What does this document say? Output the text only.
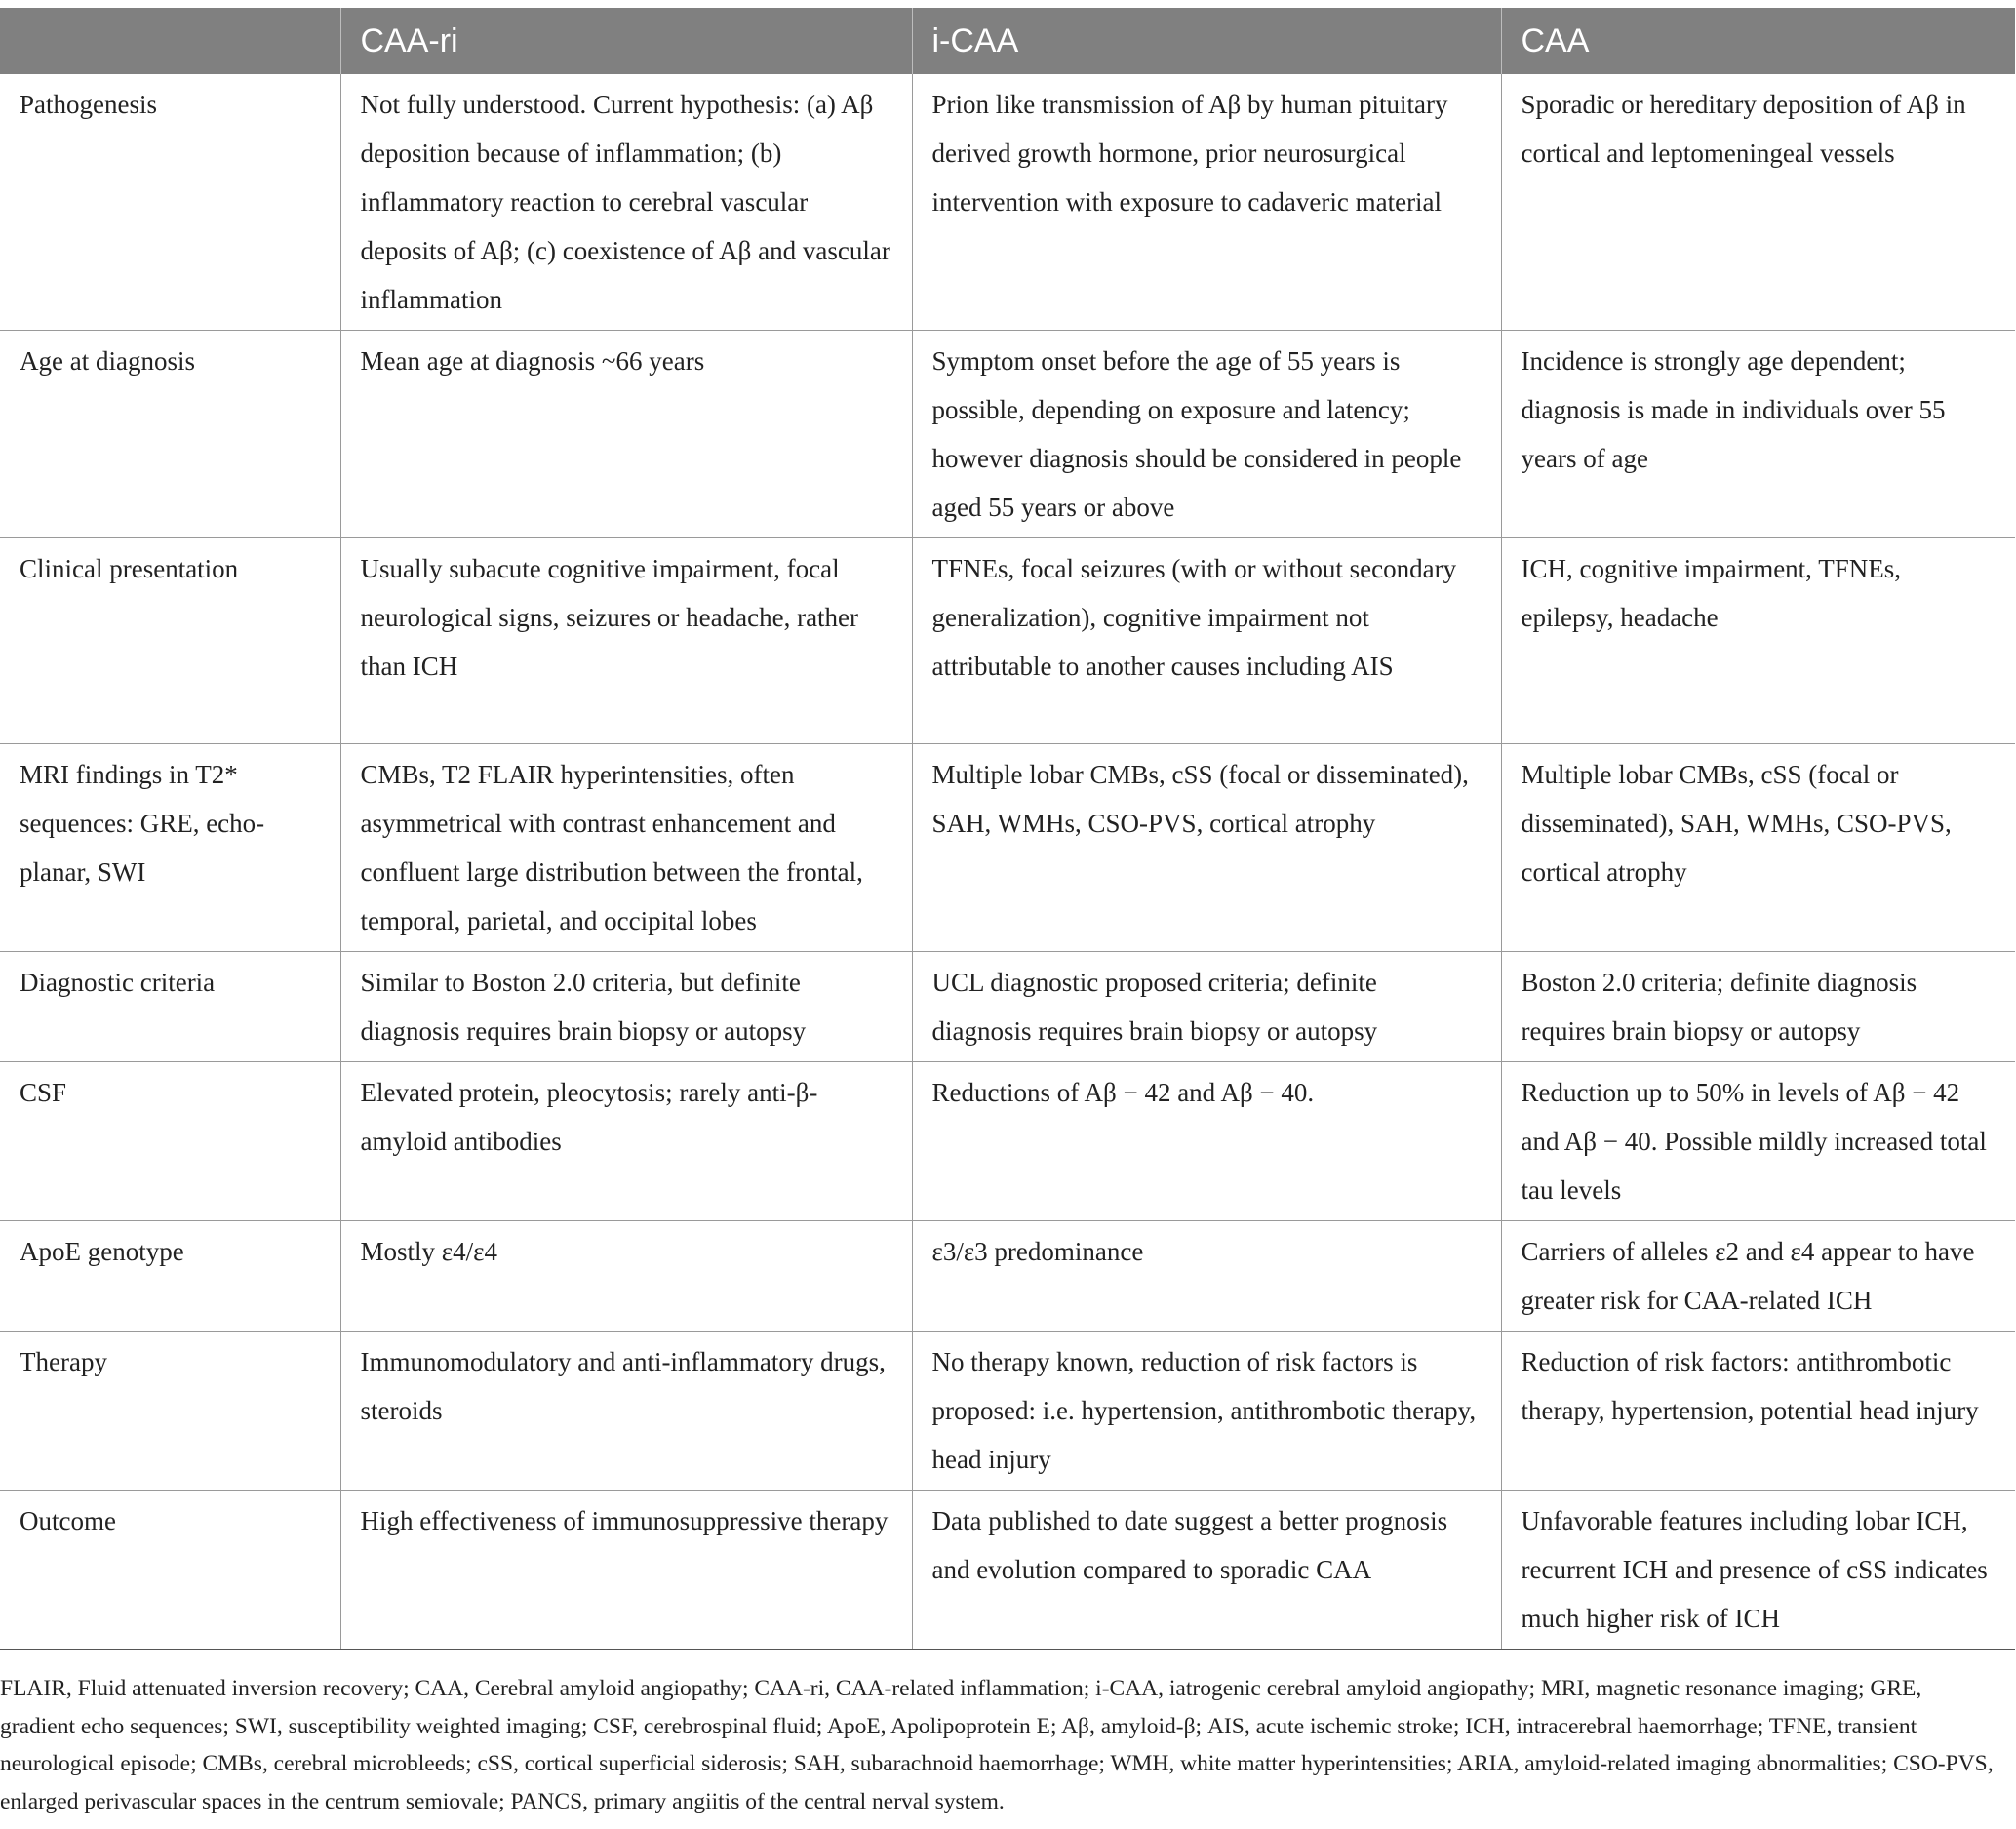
	CAA-ri	i-CAA	CAA
Pathogenesis	Not fully understood. Current hypothesis: (a) Aβ deposition because of inflammation; (b) inflammatory reaction to cerebral vascular deposits of Aβ; (c) coexistence of Aβ and vascular inflammation	Prion like transmission of Aβ by human pituitary derived growth hormone, prior neurosurgical intervention with exposure to cadaveric material	Sporadic or hereditary deposition of Aβ in cortical and leptomeningeal vessels
Age at diagnosis	Mean age at diagnosis ~66 years	Symptom onset before the age of 55 years is possible, depending on exposure and latency; however diagnosis should be considered in people aged 55 years or above	Incidence is strongly age dependent; diagnosis is made in individuals over 55 years of age
Clinical presentation	Usually subacute cognitive impairment, focal neurological signs, seizures or headache, rather than ICH	TFNEs, focal seizures (with or without secondary generalization), cognitive impairment not attributable to another causes including AIS	ICH, cognitive impairment, TFNEs, epilepsy, headache
MRI findings in T2* sequences: GRE, echo-planar, SWI	CMBs, T2 FLAIR hyperintensities, often asymmetrical with contrast enhancement and confluent large distribution between the frontal, temporal, parietal, and occipital lobes	Multiple lobar CMBs, cSS (focal or disseminated), SAH, WMHs, CSO-PVS, cortical atrophy	Multiple lobar CMBs, cSS (focal or disseminated), SAH, WMHs, CSO-PVS, cortical atrophy
Diagnostic criteria	Similar to Boston 2.0 criteria, but definite diagnosis requires brain biopsy or autopsy	UCL diagnostic proposed criteria; definite diagnosis requires brain biopsy or autopsy	Boston 2.0 criteria; definite diagnosis requires brain biopsy or autopsy
CSF	Elevated protein, pleocytosis; rarely anti-β-amyloid antibodies	Reductions of Aβ − 42 and Aβ − 40.	Reduction up to 50% in levels of Aβ − 42 and Aβ − 40. Possible mildly increased total tau levels
ApoE genotype	Mostly ε4/ε4	ε3/ε3 predominance	Carriers of alleles ε2 and ε4 appear to have greater risk for CAA-related ICH
Therapy	Immunomodulatory and anti-inflammatory drugs, steroids	No therapy known, reduction of risk factors is proposed: i.e. hypertension, antithrombotic therapy, head injury	Reduction of risk factors: antithrombotic therapy, hypertension, potential head injury
Outcome	High effectiveness of immunosuppressive therapy	Data published to date suggest a better prognosis and evolution compared to sporadic CAA	Unfavorable features including lobar ICH, recurrent ICH and presence of cSS indicates much higher risk of ICH
FLAIR, Fluid attenuated inversion recovery; CAA, Cerebral amyloid angiopathy; CAA-ri, CAA-related inflammation; i-CAA, iatrogenic cerebral amyloid angiopathy; MRI, magnetic resonance imaging; GRE, gradient echo sequences; SWI, susceptibility weighted imaging; CSF, cerebrospinal fluid; ApoE, Apolipoprotein E; Aβ, amyloid-β; AIS, acute ischemic stroke; ICH, intracerebral haemorrhage; TFNE, transient neurological episode; CMBs, cerebral microbleeds; cSS, cortical superficial siderosis; SAH, subarachnoid haemorrhage; WMH, white matter hyperintensities; ARIA, amyloid-related imaging abnormalities; CSO-PVS, enlarged perivascular spaces in the centrum semiovale; PANCS, primary angiitis of the central nerval system.
